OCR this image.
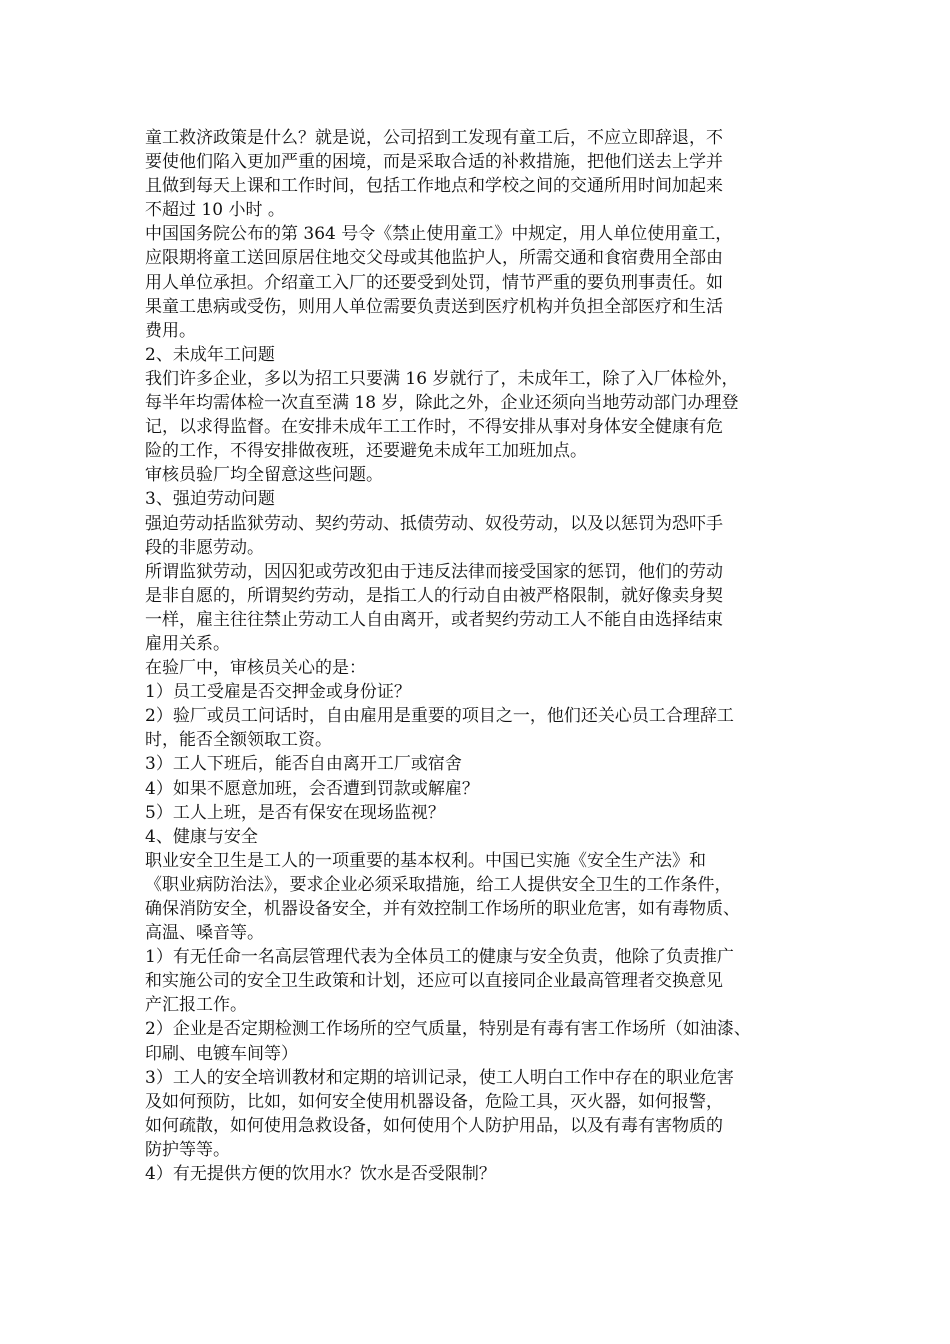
童工救济政策是什么？就是说，公司招到工发现有童工后，不应立即辞退，不
要使他们陷入更加严重的困境，而是采取合适的补救措施，把他们送去上学并
且做到每天上课和工作时间，包括工作地点和学校之间的交通所用时间加起来
不超过 10 小时 。

中国国务院公布的第 364 号令《禁止使用童工》中规定，用人单位使用童工，
应限期将童工送回原居住地交父母或其他监护人，所需交通和食宿费用全部由
用人单位承担。介绍童工入厂的还要受到处罚，情节严重的要负刑事责任。如
果童工患病或受伤，则用人单位需要负责送到医疗机构并负担全部医疗和生活
费用。

2、未成年工问题

我们许多企业，多以为招工只要满 16 岁就行了，未成年工，除了入厂体检外，
每半年均需体检一次直至满 18 岁，除此之外，企业还须向当地劳动部门办理登
记，以求得监督。在安排未成年工工作时，不得安排从事对身体安全健康有危
险的工作，不得安排做夜班，还要避免未成年工加班加点。

审核员验厂均全留意这些问题。

3、强迫劳动问题

强迫劳动括监狱劳动、契约劳动、抵债劳动、奴役劳动，以及以惩罚为恐吓手
段的非愿劳动。

所谓监狱劳动，因囚犯或劳改犯由于违反法律而接受国家的惩罚，他们的劳动
是非自愿的，所谓契约劳动，是指工人的行动自由被严格限制，就好像卖身契
一样，雇主往往禁止劳动工人自由离开，或者契约劳动工人不能自由选择结束
雇用关系。

在验厂中，审核员关心的是：

1）员工受雇是否交押金或身份证？

2）验厂或员工问话时，自由雇用是重要的项目之一，他们还关心员工合理辞工
时，能否全额领取工资。

3）工人下班后，能否自由离开工厂或宿舍

4）如果不愿意加班，会否遭到罚款或解雇？

5）工人上班，是否有保安在现场监视？

4、健康与安全

职业安全卫生是工人的一项重要的基本权利。中国已实施《安全生产法》和
《职业病防治法》，要求企业必须采取措施，给工人提供安全卫生的工作条件，
确保消防安全，机器设备安全，并有效控制工作场所的职业危害，如有毒物质、
高温、嗓音等。

1）有无任命一名高层管理代表为全体员工的健康与安全负责，他除了负责推广
和实施公司的安全卫生政策和计划，还应可以直接同企业最高管理者交换意见
产汇报工作。

2）企业是否定期检测工作场所的空气质量，特别是有毒有害工作场所（如油漆、
印刷、电镀车间等）

3）工人的安全培训教材和定期的培训记录，使工人明白工作中存在的职业危害
及如何预防，比如，如何安全使用机器设备，危险工具，灭火器，如何报警，
如何疏散，如何使用急救设备，如何使用个人防护用品，以及有毒有害物质的
防护等等。

4）有无提供方便的饮用水？饮水是否受限制？
